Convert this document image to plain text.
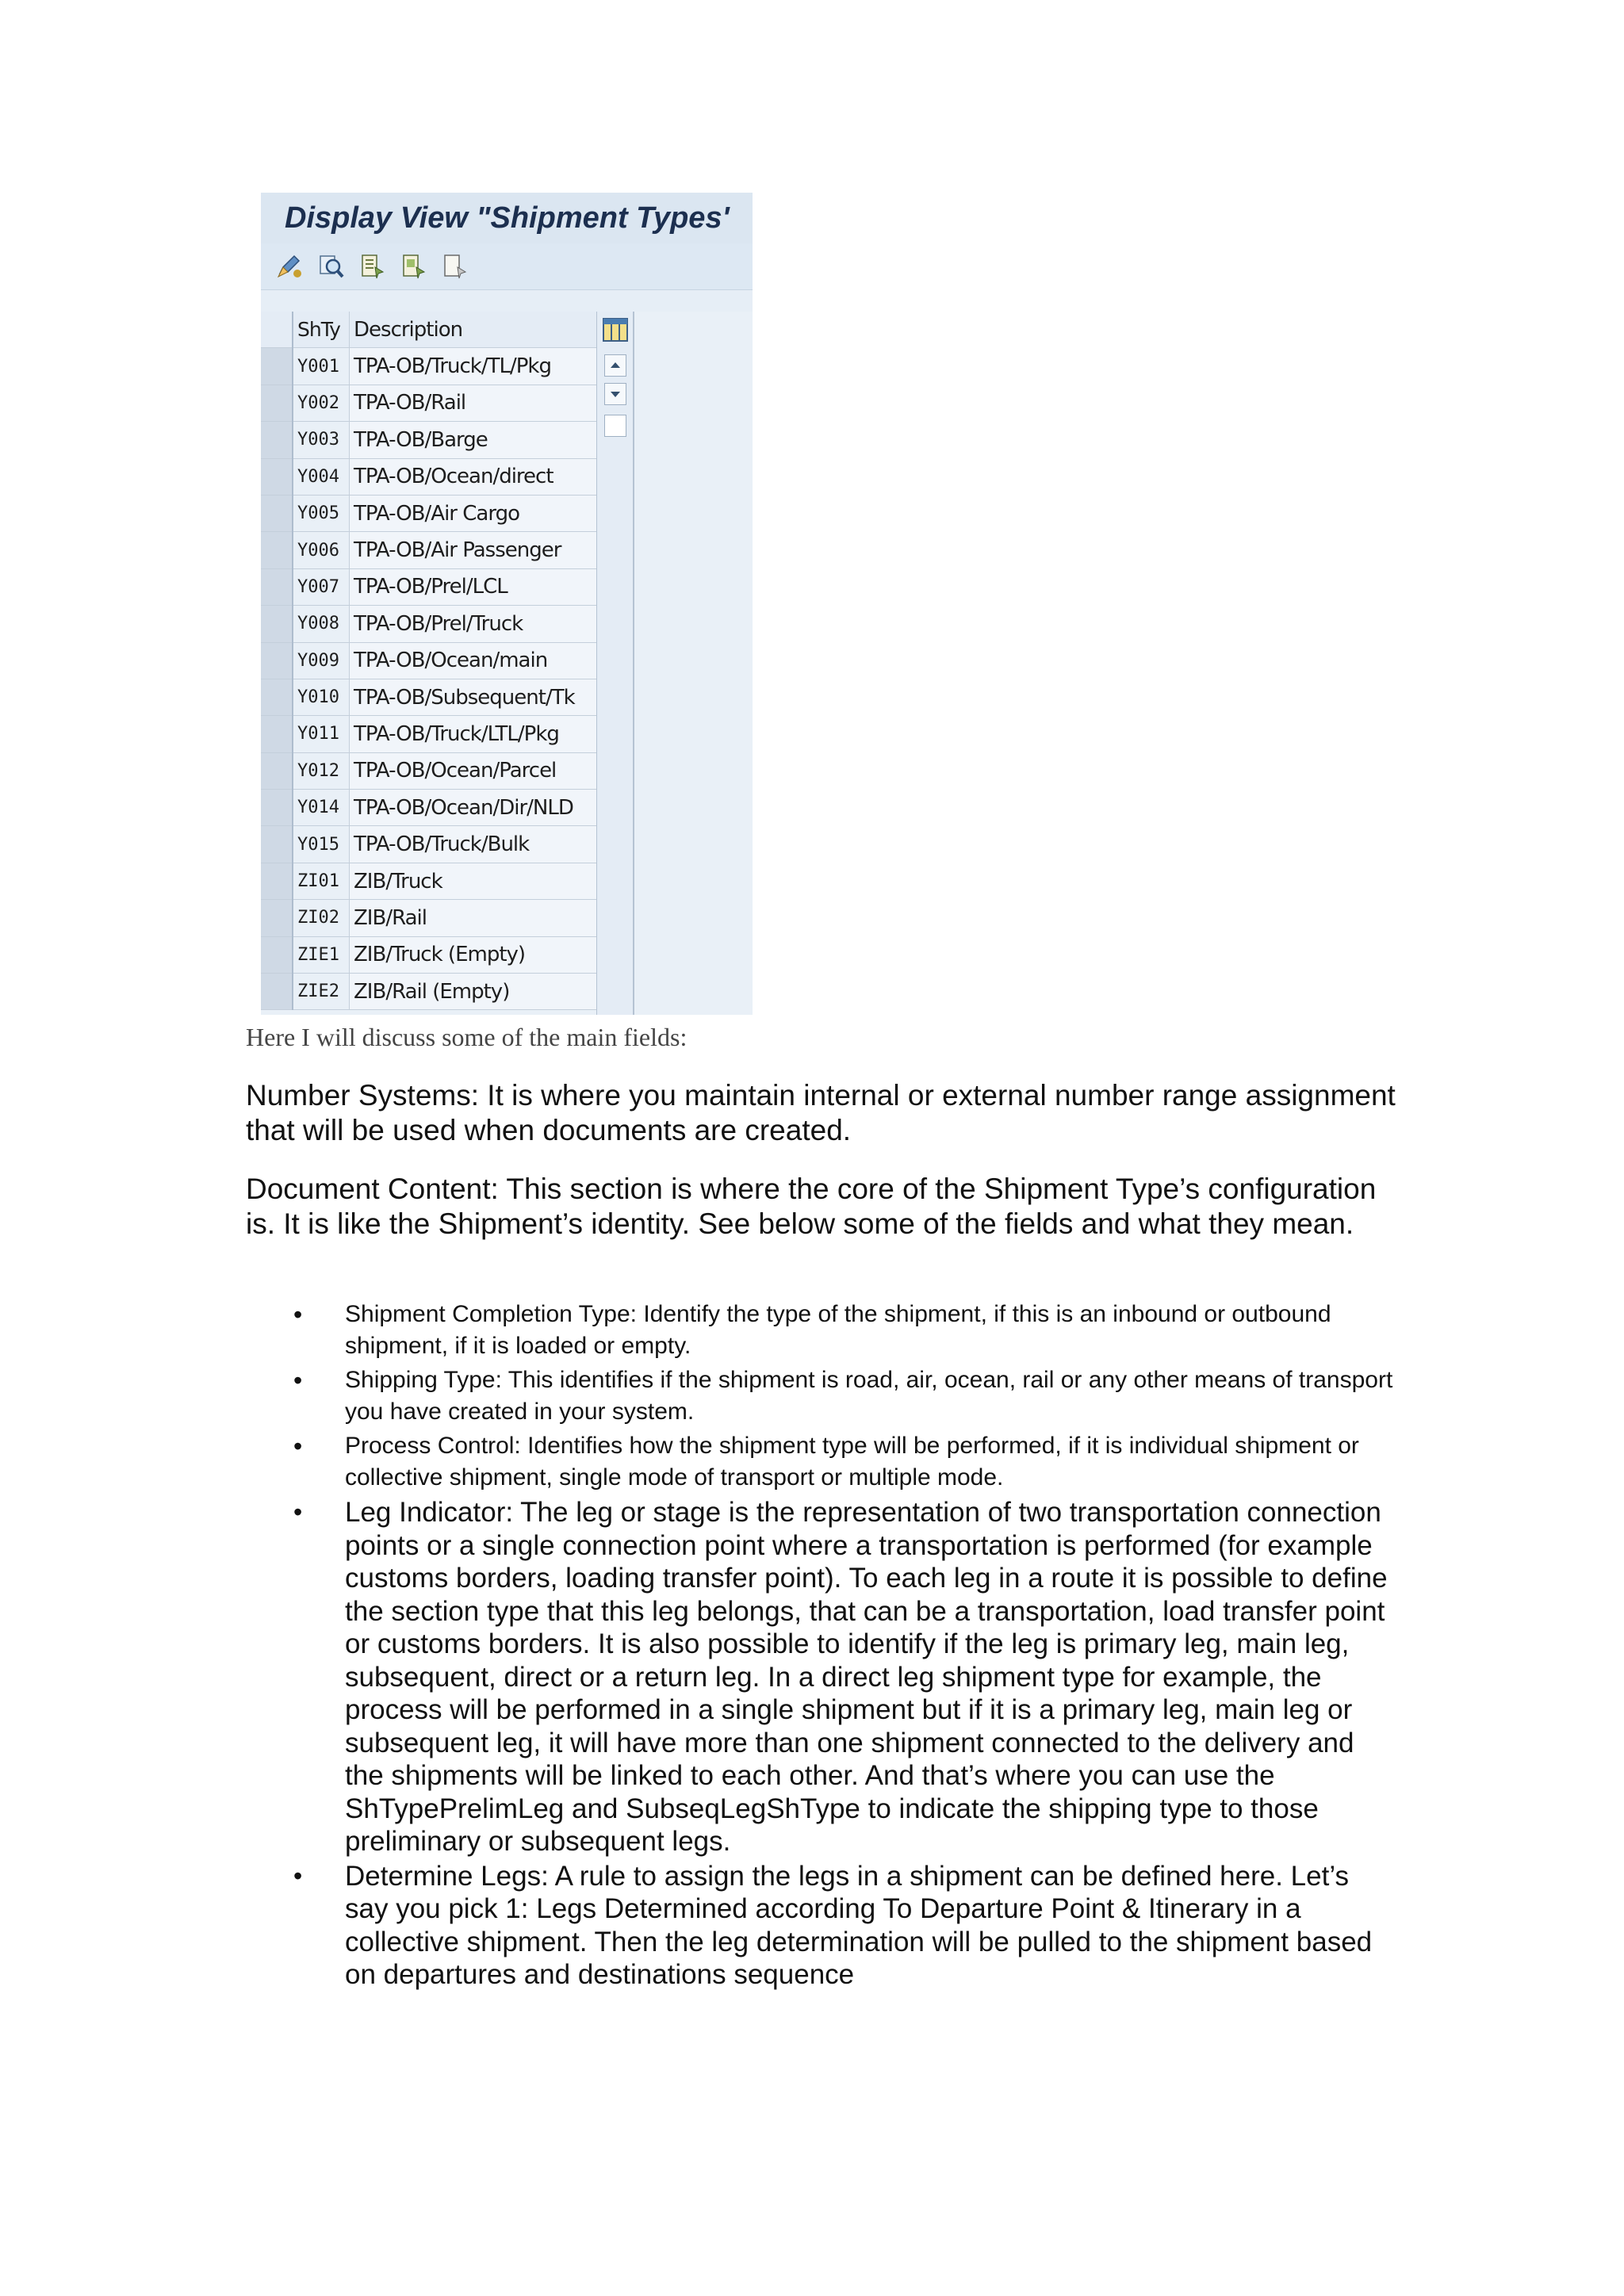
Display View "Shipment Types'
	ShTy	Description
	Y001	TPA-OB/Truck/TL/Pkg
	Y002	TPA-OB/Rail
	Y003	TPA-OB/Barge
	Y004	TPA-OB/Ocean/direct
	Y005	TPA-OB/Air Cargo
	Y006	TPA-OB/Air Passenger
	Y007	TPA-OB/Prel/LCL
	Y008	TPA-OB/Prel/Truck
	Y009	TPA-OB/Ocean/main
	Y010	TPA-OB/Subsequent/Tk
	Y011	TPA-OB/Truck/LTL/Pkg
	Y012	TPA-OB/Ocean/Parcel
	Y014	TPA-OB/Ocean/Dir/NLD
	Y015	TPA-OB/Truck/Bulk
	ZI01	ZIB/Truck
	ZI02	ZIB/Rail
	ZIE1	ZIB/Truck (Empty)
	ZIE2	ZIB/Rail (Empty)
Here I will discuss some of the main fields:

Number Systems: It is where you maintain internal or external number range assignment that will be used when documents are created.

Document Content: This section is where the core of the Shipment Type’s configuration is. It is like the Shipment’s identity. See below some of the fields and what they mean.

• Shipment Completion Type: Identify the type of the shipment, if this is an inbound or outbound shipment, if it is loaded or empty.
• Shipping Type: This identifies if the shipment is road, air, ocean, rail or any other means of transport you have created in your system.
• Process Control: Identifies how the shipment type will be performed, if it is individual shipment or collective shipment, single mode of transport or multiple mode.
• Leg Indicator: The leg or stage is the representation of two transportation connection points or a single connection point where a transportation is performed (for example customs borders, loading transfer point). To each leg in a route it is possible to define the section type that this leg belongs, that can be a transportation, load transfer point or customs borders. It is also possible to identify if the leg is primary leg, main leg, subsequent, direct or a return leg. In a direct leg shipment type for example, the process will be performed in a single shipment but if it is a primary leg, main leg or subsequent leg, it will have more than one shipment connected to the delivery and the shipments will be linked to each other. And that’s where you can use the ShTypePrelimLeg and SubseqLegShType to indicate the shipping type to those preliminary or subsequent legs.
• Determine Legs: A rule to assign the legs in a shipment can be defined here. Let’s say you pick 1: Legs Determined according To Departure Point & Itinerary in a collective shipment. Then the leg determination will be pulled to the shipment based on departures and destinations sequence
